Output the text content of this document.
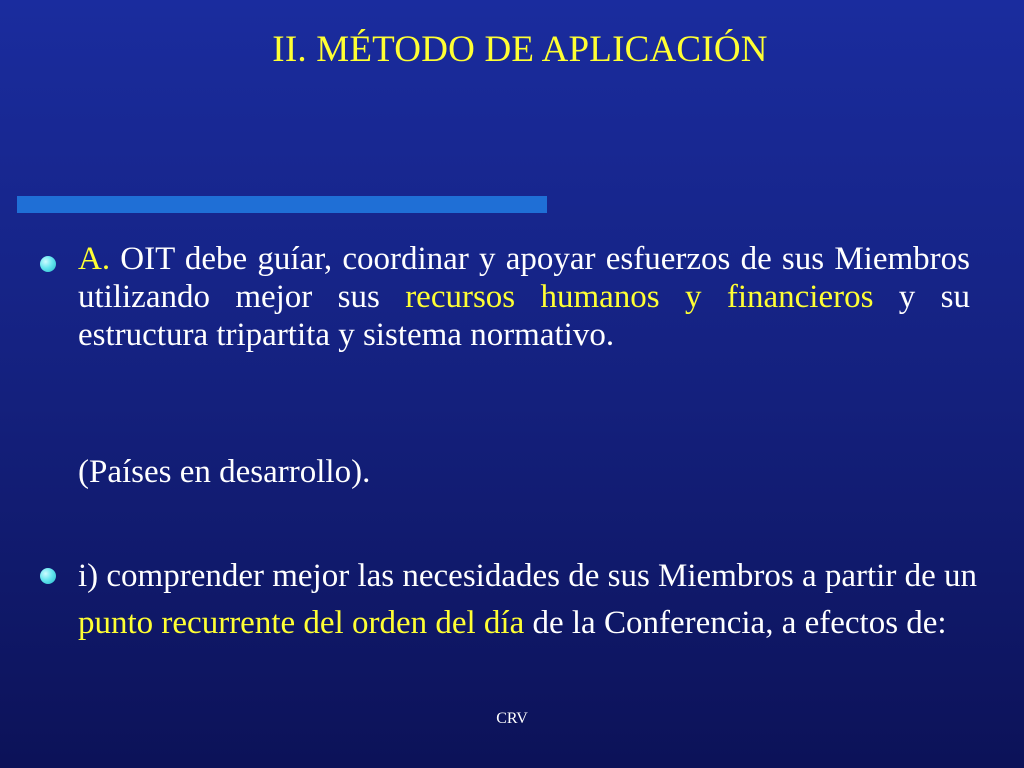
II. MÉTODO DE APLICACIÓN
A. OIT debe guíar, coordinar y apoyar esfuerzos de sus Miembros utilizando mejor sus recursos humanos y financieros y su estructura tripartita y sistema normativo.
(Países en desarrollo).
i) comprender mejor las necesidades de sus Miembros a partir de un punto recurrente del orden del día de la Conferencia, a efectos de:
CRV
